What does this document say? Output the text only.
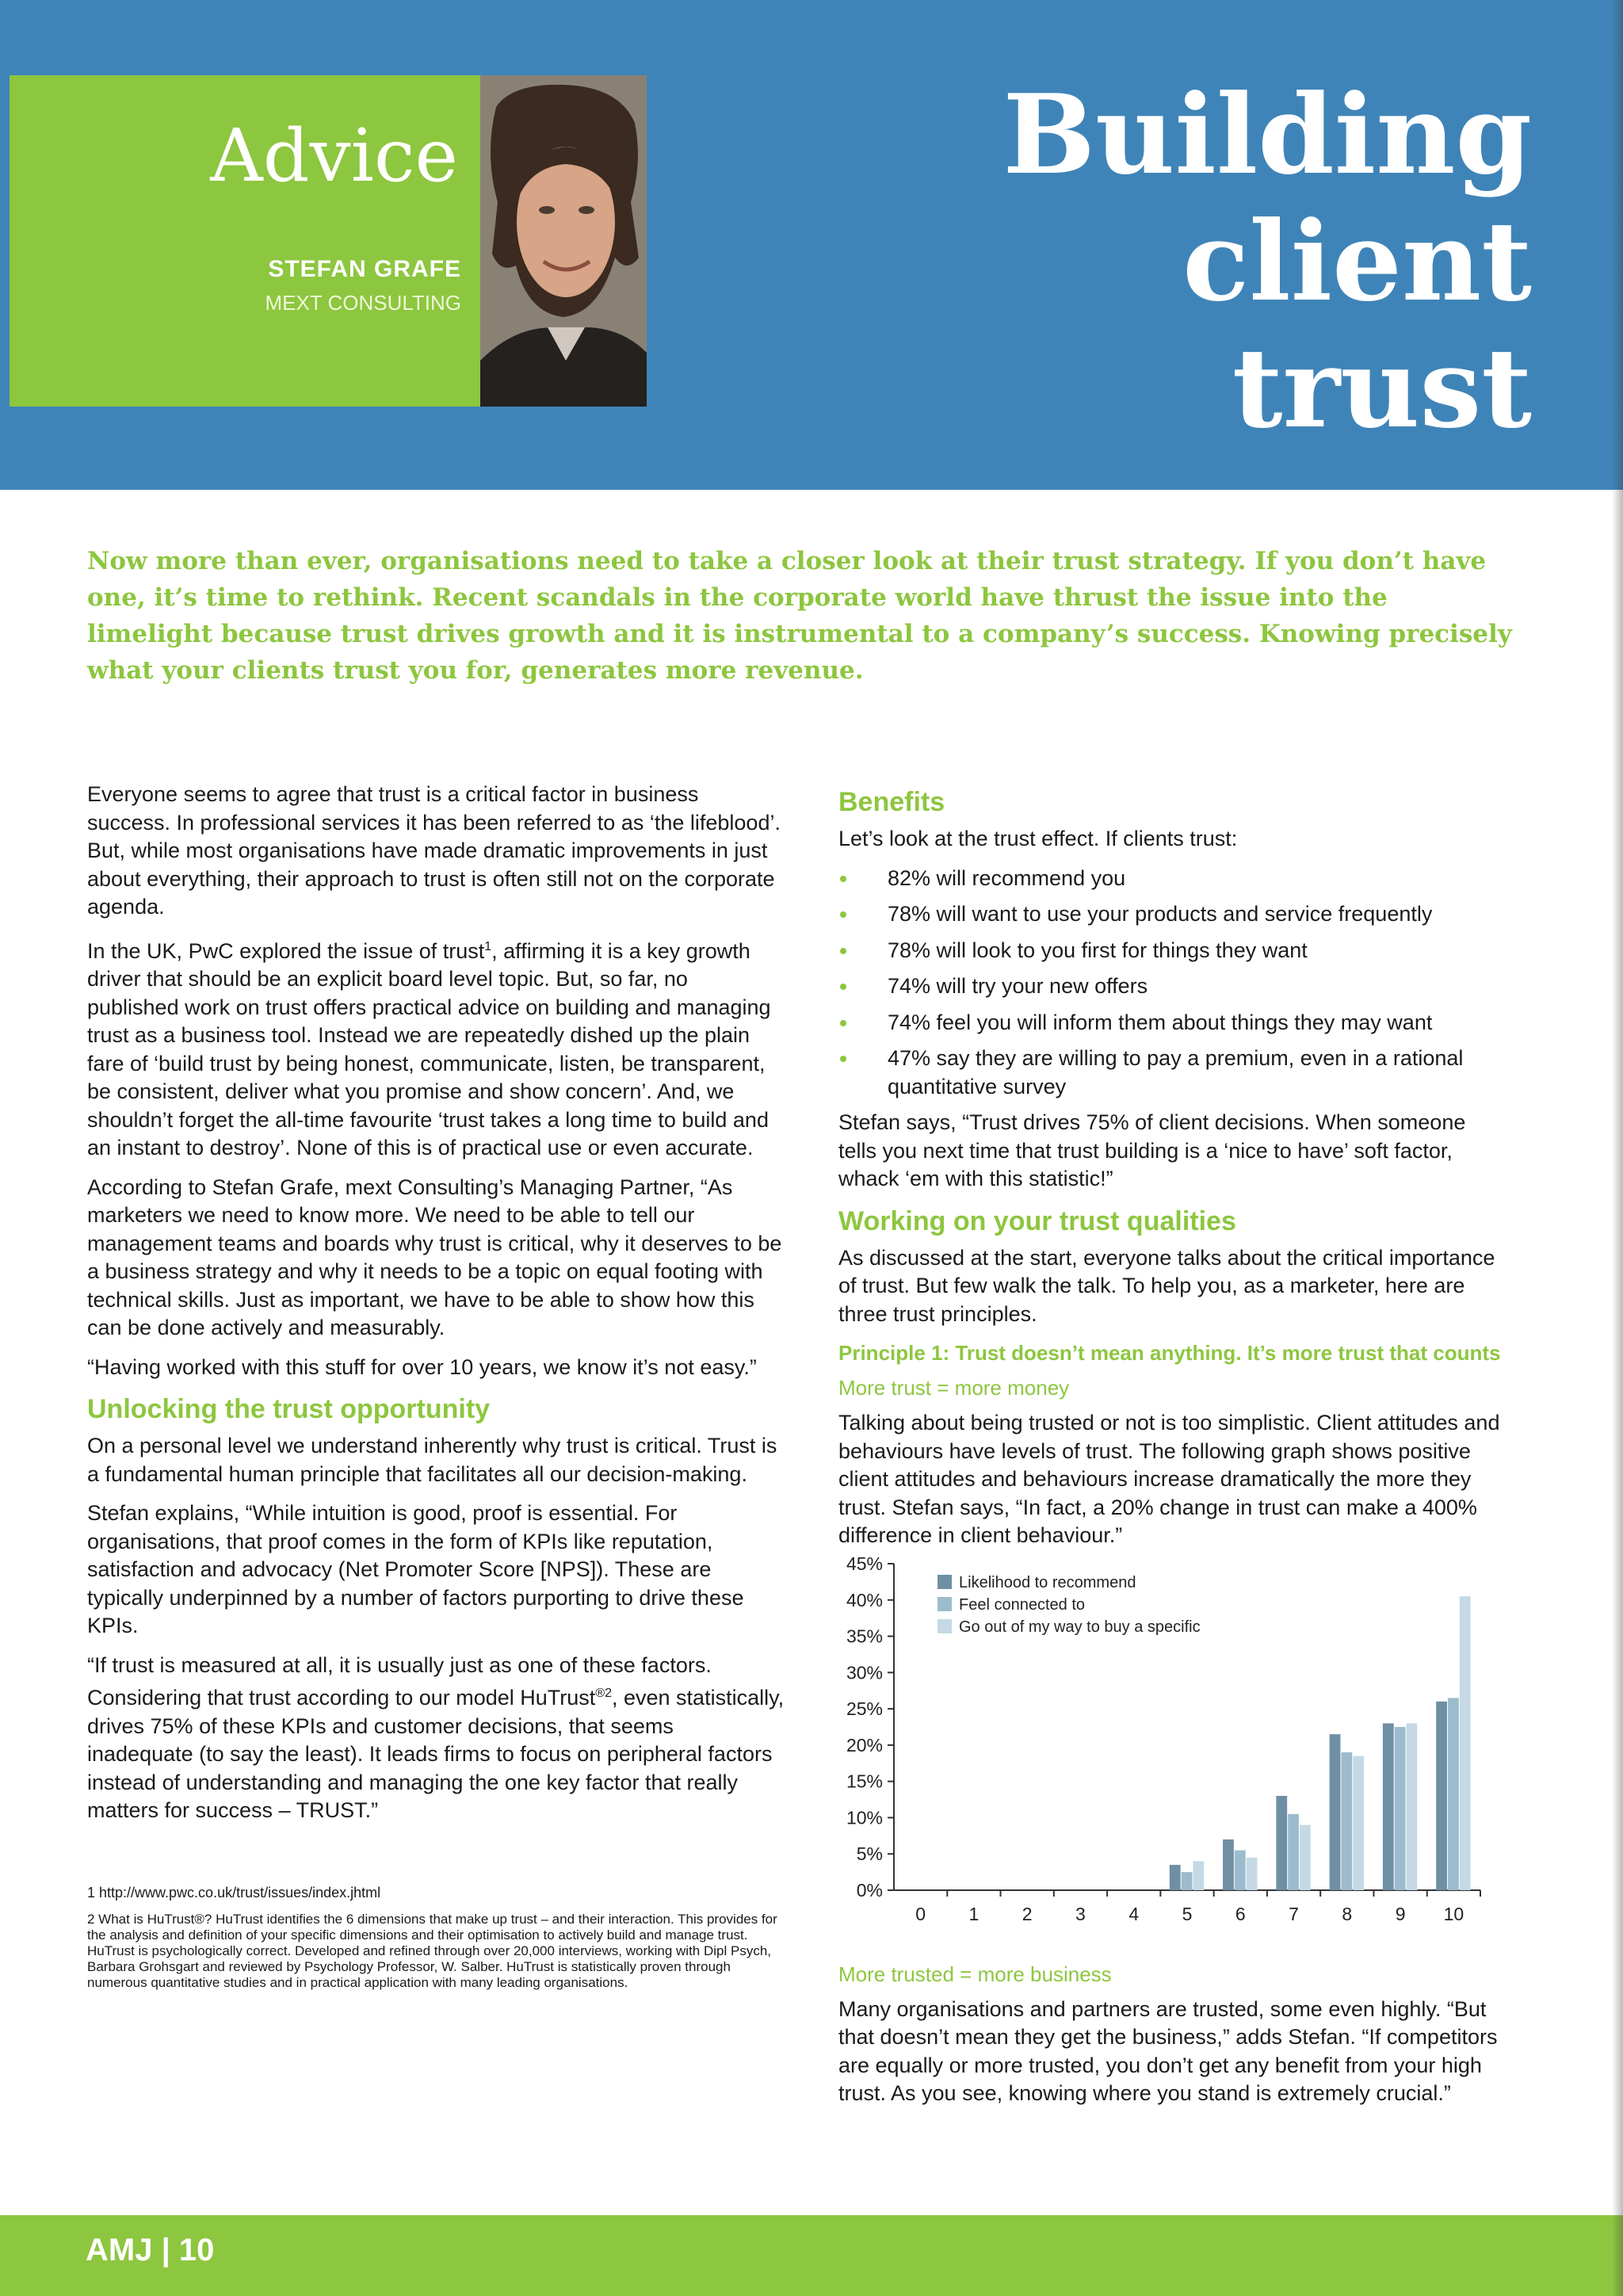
Advice
STEFAN GRAFE
MEXT CONSULTING
Building client
trust
Now more than ever, organisations need to take a closer look at their trust strategy. If you don’t have one, it’s time to rethink. Recent scandals in the corporate world have thrust the issue into the limelight because trust drives growth and it is instrumental to a company’s success. Knowing precisely what your clients trust you for, generates more revenue.

Everyone seems to agree that trust is a critical factor in business success. In professional services it has been referred to as ‘the lifeblood’. But, while most organisations have made dramatic improvements in just about everything, their approach to trust is often still not on the corporate agenda.

In the UK, PwC explored the issue of trust$^1$, affirming it is a key growth driver that should be an explicit board level topic. But, so far, no published work on trust offers practical advice on building and managing trust as a business tool. Instead we are repeatedly dished up the plain fare of ‘build trust by being honest, communicate, listen, be transparent, be consistent, deliver what you promise and show concern’. And, we shouldn’t forget the all-time favourite ‘trust takes a long time to build and an instant to destroy’. None of this is of practical use or even accurate.

According to Stefan Grafe, mext Consulting’s Managing Partner, “As marketers we need to know more. We need to be able to tell our management teams and boards why trust is critical, why it deserves to be a business strategy and why it needs to be a topic on equal footing with technical skills. Just as important, we have to be able to show how this can be done actively and measurably.

“Having worked with this stuff for over 10 years, we know it’s not easy.”

Unlocking the trust opportunity

On a personal level we understand inherently why trust is critical. Trust is a fundamental human principle that facilitates all our decision-making.

Stefan explains, “While intuition is good, proof is essential. For organisations, that proof comes in the form of KPIs like reputation, satisfaction and advocacy (Net Promoter Score [NPS]). These are typically underpinned by a number of factors purporting to drive these KPIs.

“If trust is measured at all, it is usually just as one of these factors. Considering that trust according to our model HuTrust$^{®2}$, even statistically, drives 75% of these KPIs and customer decisions, that seems inadequate (to say the least). It leads firms to focus on peripheral factors instead of understanding and managing the one key factor that really matters for success – TRUST.”

1 http://www.pwc.co.uk/trust/issues/index.jhtml

2 What is HuTrust®? HuTrust identifies the 6 dimensions that make up trust – and their interaction. This provides for the analysis and definition of your specific dimensions and their optimisation to actively build and manage trust. HuTrust is psychologically correct. Developed and refined through over 20,000 interviews, working with Dipl Psych, Barbara Grohsgart and reviewed by Psychology Professor, W. Salber. HuTrust is statistically proven through numerous quantitative studies and in practical application with many leading organisations.

Benefits

Let’s look at the trust effect. If clients trust:

82% will recommend you
78% will want to use your products and service frequently
78% will look to you first for things they want
74% will try your new offers
74% feel you will inform them about things they may want
47% say they are willing to pay a premium, even in a rational quantitative survey

Stefan says, “Trust drives 75% of client decisions. When someone tells you next time that trust building is a ‘nice to have’ soft factor, whack ‘em with this statistic!”

Working on your trust qualities

As discussed at the start, everyone talks about the critical importance of trust. But few walk the talk. To help you, as a marketer, here are three trust principles.

Principle 1: Trust doesn’t mean anything. It’s more trust that counts
More trust = more money

Talking about being trusted or not is too simplistic. Client attitudes and behaviours have levels of trust. The following graph shows positive client attitudes and behaviours increase dramatically the more they trust. Stefan says, “In fact, a 20% change in trust can make a 400% difference in client behaviour.”

More trusted = more business

Many organisations and partners are trusted, some even highly. “But that doesn’t mean they get the business,” adds Stefan. “If competitors are equally or more trusted, you don’t get any benefit from your high trust. As you see, knowing where you stand is extremely crucial.”

0%
5%
10%
15%
20%
25%
30%
35%
40%
45%
0 1 2 3 4 5 6 7 8 9 10
Likelihood to recommend
Feel connected to
Go out of my way to buy a specific
AMJ | 10
